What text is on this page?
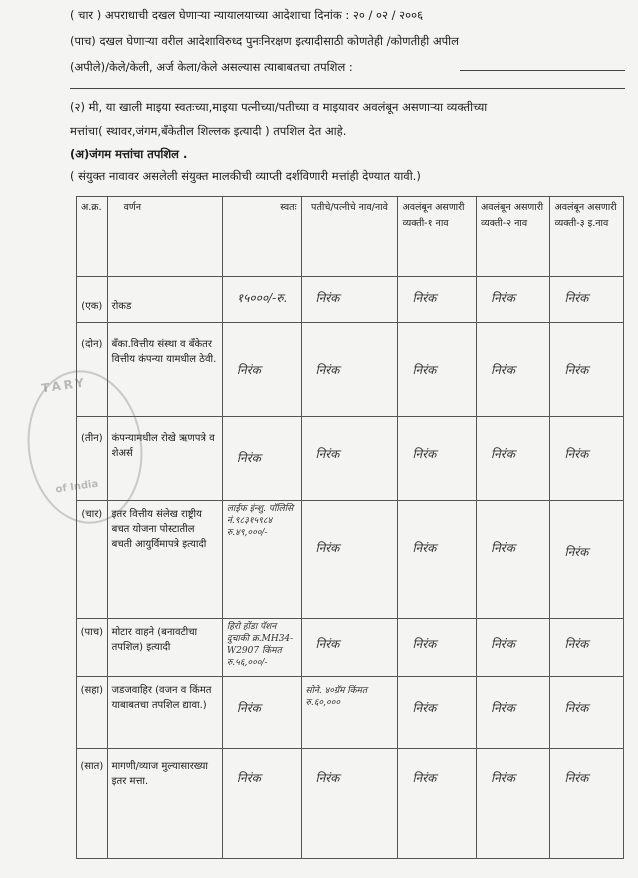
( चार ) अपराधाची दखल घेणाऱ्या न्यायालयाच्या आदेशाचा दिनांक : २० / ०२ / २००६
(पाच) दखल घेणाऱ्या वरील आदेशाविरुध्द पुनःनिरक्षण इत्यादीसाठी कोणतेही /कोणतीही अपील
(अपीले)/केले/केली, अर्ज केला/केले असल्यास त्याबाबतचा तपशिल :
(२) मी, या खाली माइया स्वतःच्या,माइया पत्नीच्या/पतीच्या व माइयावर अवलंबून असणाऱ्या व्यक्तीच्या
मत्तांचा( स्थावर,जंगम,बँकेतील शिल्लक इत्यादी ) तपशिल देत आहे.
(अ)जंगम मत्तांचा तपशिल .
( संयुक्त नावावर असलेली संयुक्त मालकीची व्याप्ती दर्शविणारी मत्तांही देण्यात यावी.)
TARY
of India
अ.क्र.	वर्णन	स्वतः	पतीचे/पत्नीचे नाव/नावे	अवलंबून असणारी व्यक्ती-१ नाव	अवलंबून असणारी व्यक्ती-२ नाव	अवलंबून असणारी व्यक्ती-३ इ.नाव
(एक)	रोकड	१५०००/-रु.	निरंक	निरंक	निरंक	निरंक
(दोन)	बँका.वित्तीय संस्था व बँकेतर वित्तीय कंपन्या यामधील ठेवी.	निरंक	निरंक	निरंक	निरंक	निरंक
(तीन)	कंपन्यामधील रोखे ऋणपत्रे व शेअर्स	निरंक	निरंक	निरंक	निरंक	निरंक
(चार)	इतर वित्तीय संलेख राष्ट्रीय बचत योजना पोस्टातील बचती आयुर्विमापत्रे इत्यादी	लाईफ इंन्शु. पॉलिसि नं.९८३१५९८४ रु.४९,०००/-	निरंक	निरंक	निरंक	निरंक
(पाच)	मोटार वाहने (बनावटीचा तपशिल) इत्यादी	हिरो होंडा पॅशन दुचाकी क्र.MH34-W2907 किंमत रु.५६,०००/-	निरंक	निरंक	निरंक	निरंक
(सहा)	जडजवाहिर (वजन व किंमत याबाबतचा तपशिल द्यावा.)	निरंक	सोने. ४०ग्रॅम किंमत रु.६०,०००	निरंक	निरंक	निरंक
(सात)	मागणी/व्याज मुल्यासारख्या इतर मत्ता.	निरंक	निरंक	निरंक	निरंक	निरंक
